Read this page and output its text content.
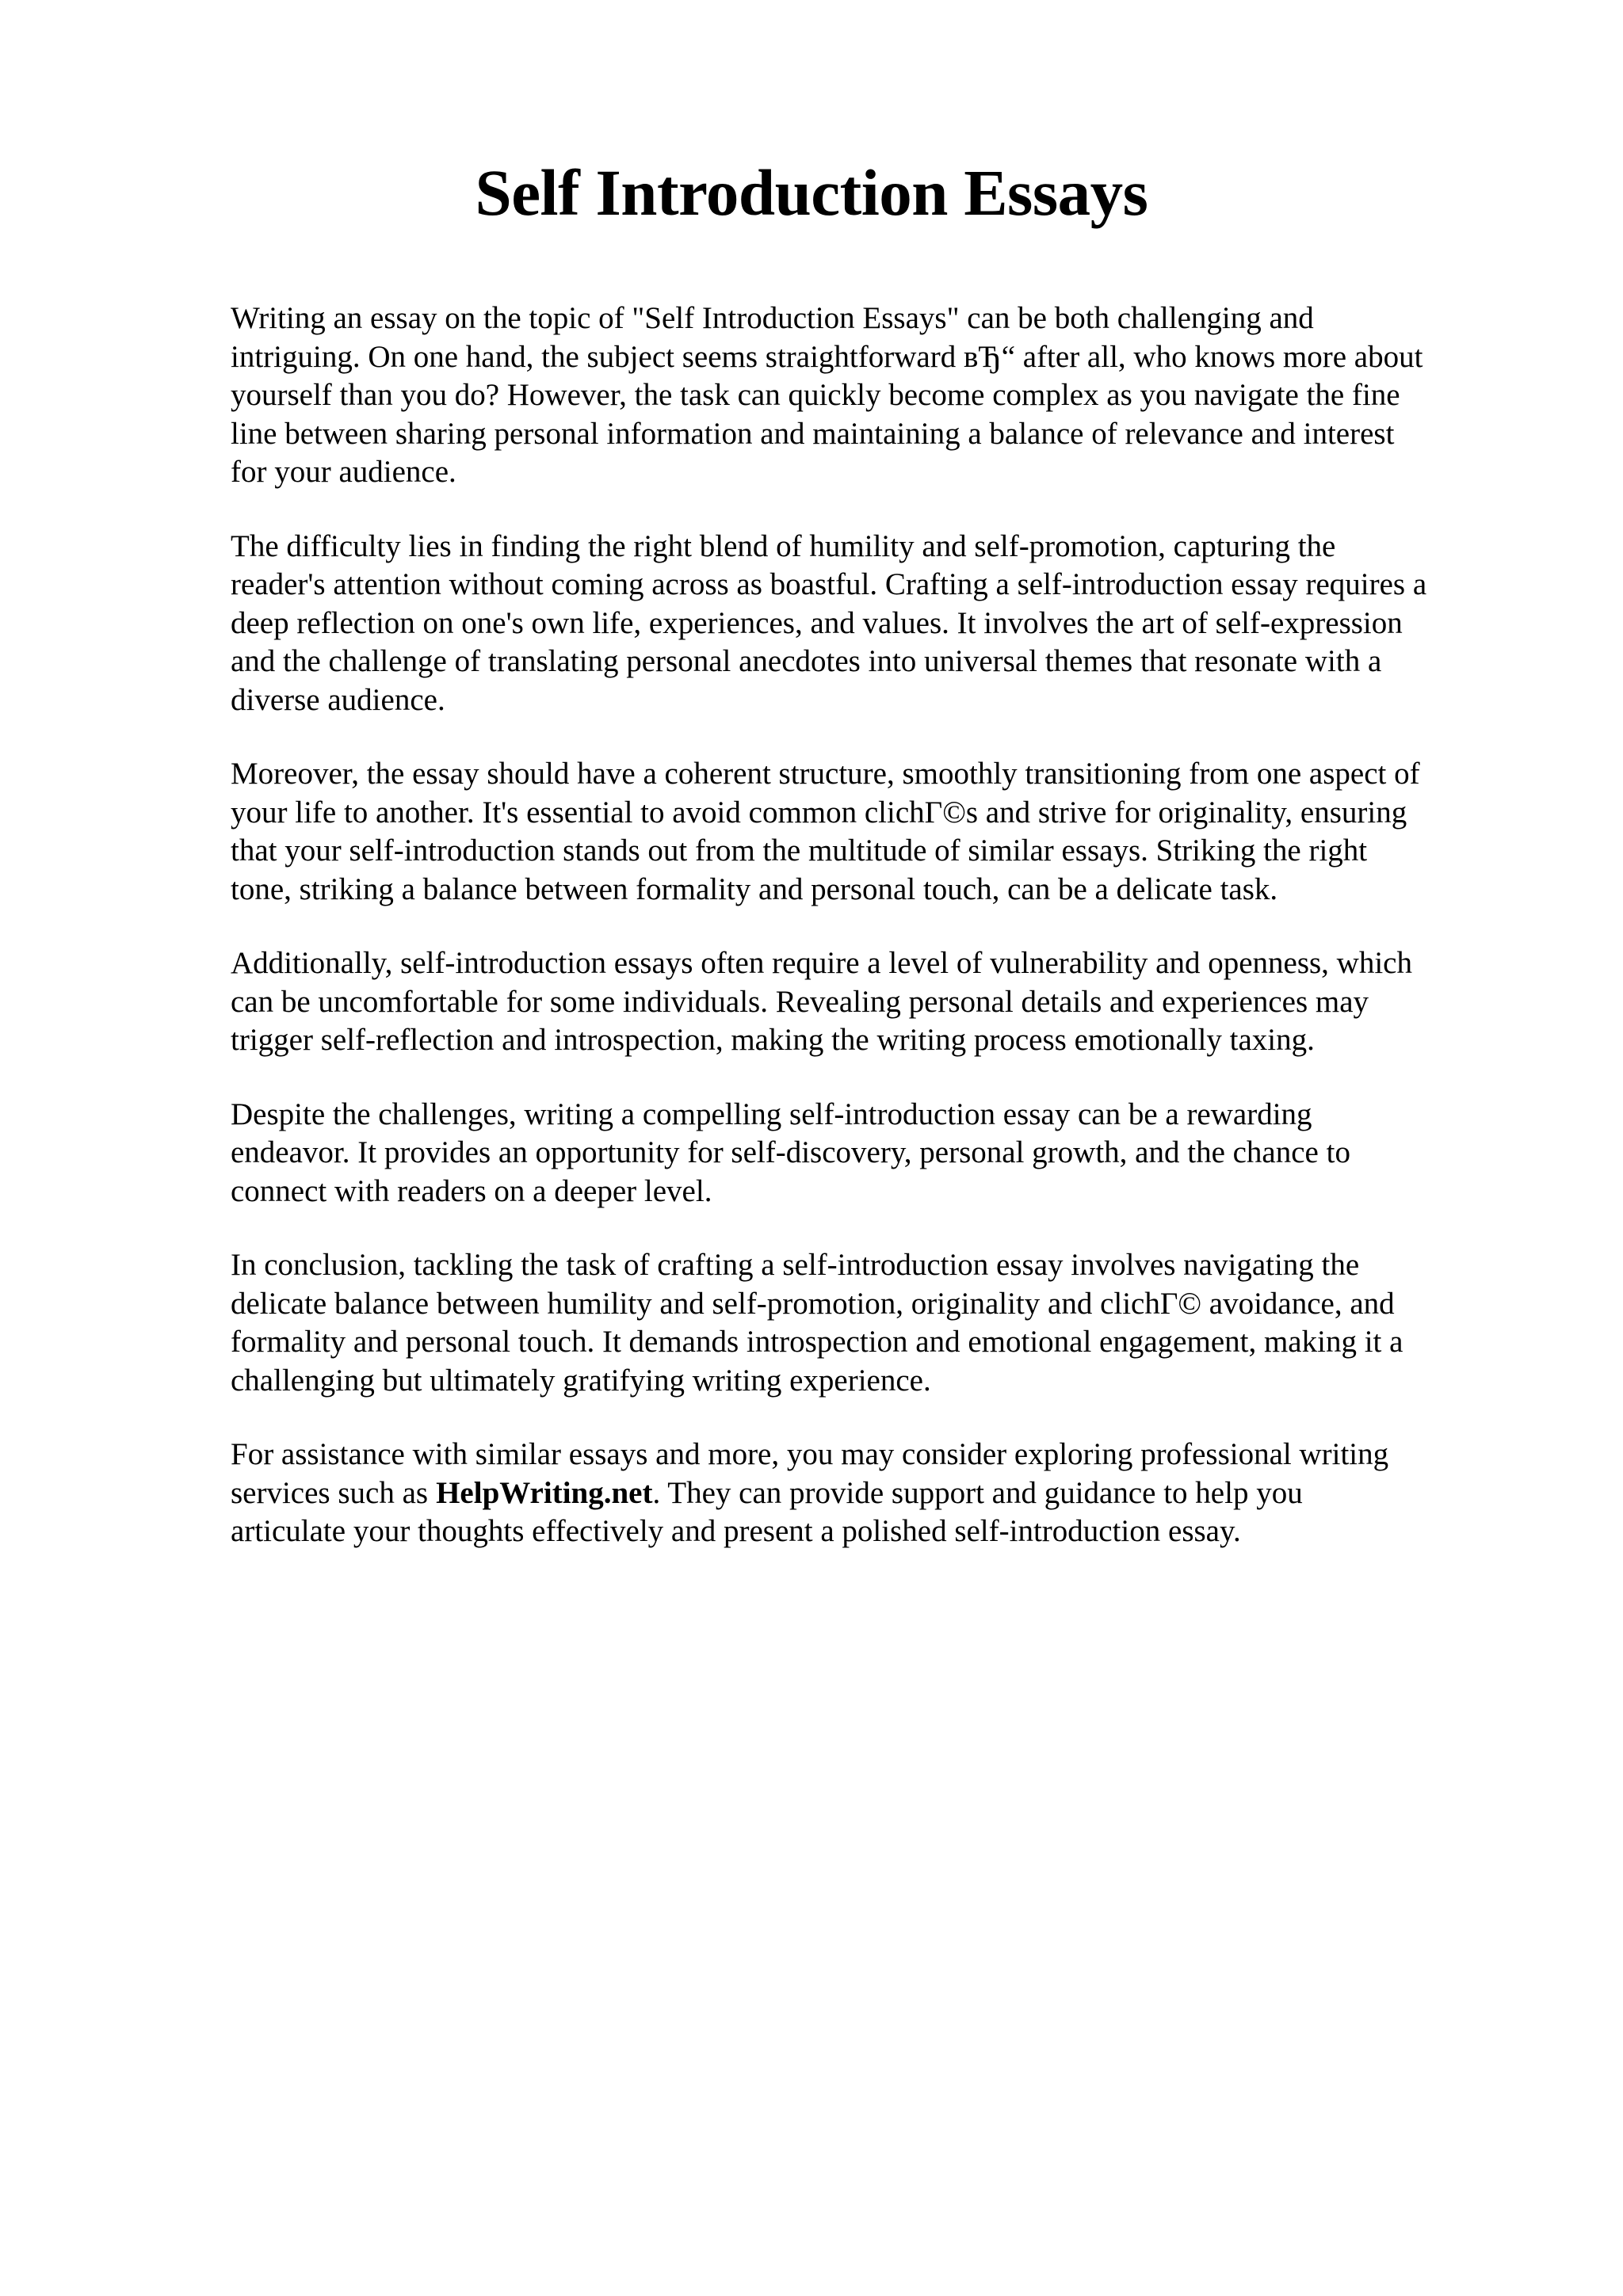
Self Introduction Essays

Writing an essay on the topic of "Self Introduction Essays" can be both challenging and
intriguing. On one hand, the subject seems straightforward вЂ“ after all, who knows more about
yourself than you do? However, the task can quickly become complex as you navigate the fine
line between sharing personal information and maintaining a balance of relevance and interest
for your audience.

The difficulty lies in finding the right blend of humility and self-promotion, capturing the
reader's attention without coming across as boastful. Crafting a self-introduction essay requires a
deep reflection on one's own life, experiences, and values. It involves the art of self-expression
and the challenge of translating personal anecdotes into universal themes that resonate with a
diverse audience.

Moreover, the essay should have a coherent structure, smoothly transitioning from one aspect of
your life to another. It's essential to avoid common clichГ©s and strive for originality, ensuring
that your self-introduction stands out from the multitude of similar essays. Striking the right
tone, striking a balance between formality and personal touch, can be a delicate task.

Additionally, self-introduction essays often require a level of vulnerability and openness, which
can be uncomfortable for some individuals. Revealing personal details and experiences may
trigger self-reflection and introspection, making the writing process emotionally taxing.

Despite the challenges, writing a compelling self-introduction essay can be a rewarding
endeavor. It provides an opportunity for self-discovery, personal growth, and the chance to
connect with readers on a deeper level.

In conclusion, tackling the task of crafting a self-introduction essay involves navigating the
delicate balance between humility and self-promotion, originality and clichГ© avoidance, and
formality and personal touch. It demands introspection and emotional engagement, making it a
challenging but ultimately gratifying writing experience.

For assistance with similar essays and more, you may consider exploring professional writing
services such as HelpWriting.net. They can provide support and guidance to help you
articulate your thoughts effectively and present a polished self-introduction essay.
